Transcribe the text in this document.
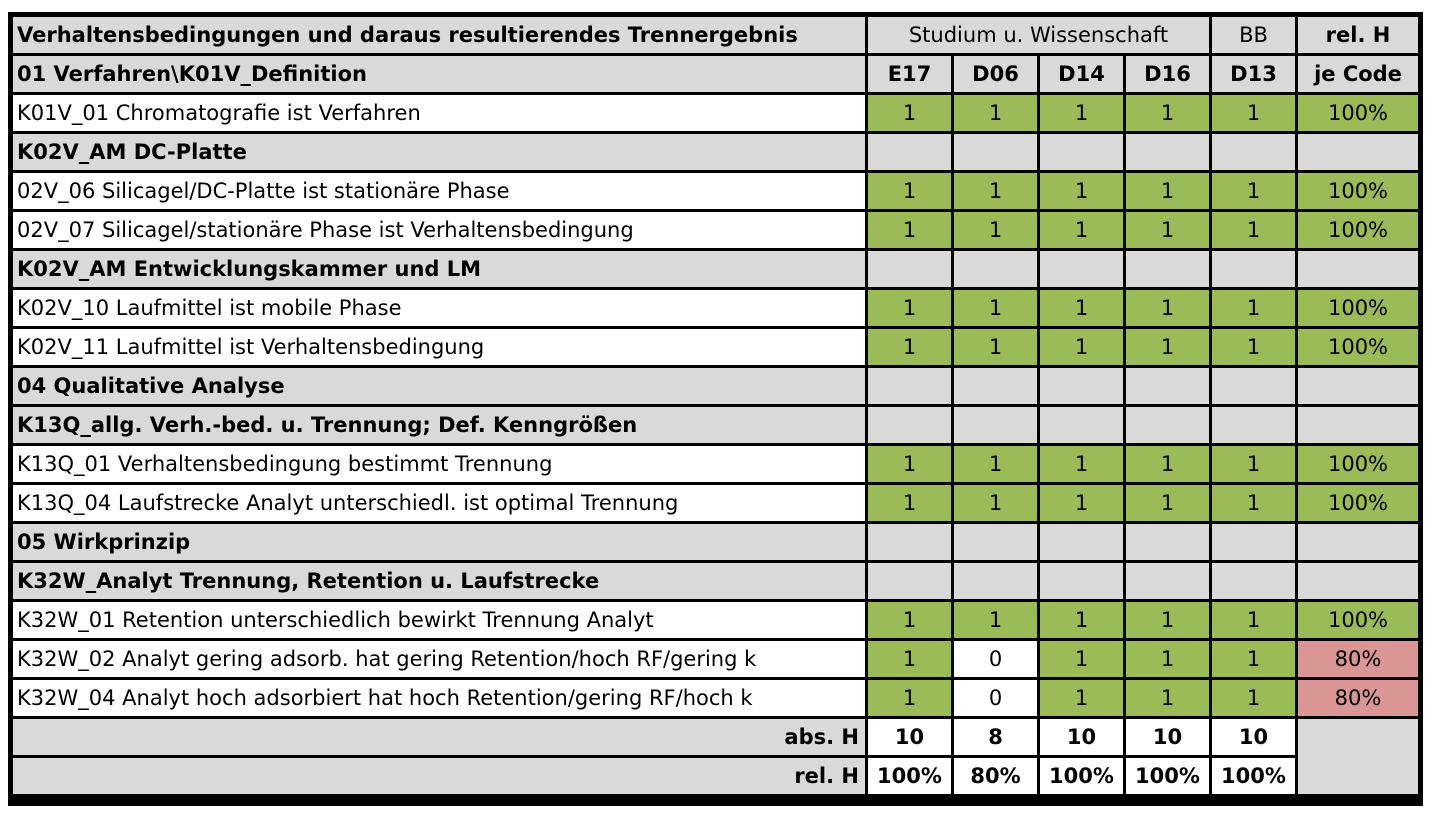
Verhaltensbedingungen und daraus resultierendes Trennergebnis	Studium u. Wissenschaft				BB	rel. H
01 Verfahren\K01V_Definition	E17	D06	D14	D16	D13	je Code
K01V_01 Chromatografie ist Verfahren	1	1	1	1	1	100%
K02V_AM DC-Platte						
02V_06 Silicagel/DC-Platte ist stationäre Phase	1	1	1	1	1	100%
02V_07 Silicagel/stationäre Phase ist Verhaltensbedingung	1	1	1	1	1	100%
K02V_AM Entwicklungskammer und LM						
K02V_10 Laufmittel ist mobile Phase	1	1	1	1	1	100%
K02V_11 Laufmittel ist Verhaltensbedingung	1	1	1	1	1	100%
04 Qualitative Analyse						
K13Q_allg. Verh.-bed. u. Trennung; Def. Kenngrößen						
K13Q_01 Verhaltensbedingung bestimmt Trennung	1	1	1	1	1	100%
K13Q_04 Laufstrecke Analyt unterschiedl. ist optimal Trennung	1	1	1	1	1	100%
05 Wirkprinzip						
K32W_Analyt Trennung, Retention u. Laufstrecke						
K32W_01 Retention unterschiedlich bewirkt Trennung Analyt	1	1	1	1	1	100%
K32W_02 Analyt gering adsorb. hat gering Retention/hoch RF/gering k	1	0	1	1	1	80%
K32W_04 Analyt hoch adsorbiert hat hoch Retention/gering RF/hoch k	1	0	1	1	1	80%
abs. H	10	8	10	10	10	
rel. H	100%	80%	100%	100%	100%	
